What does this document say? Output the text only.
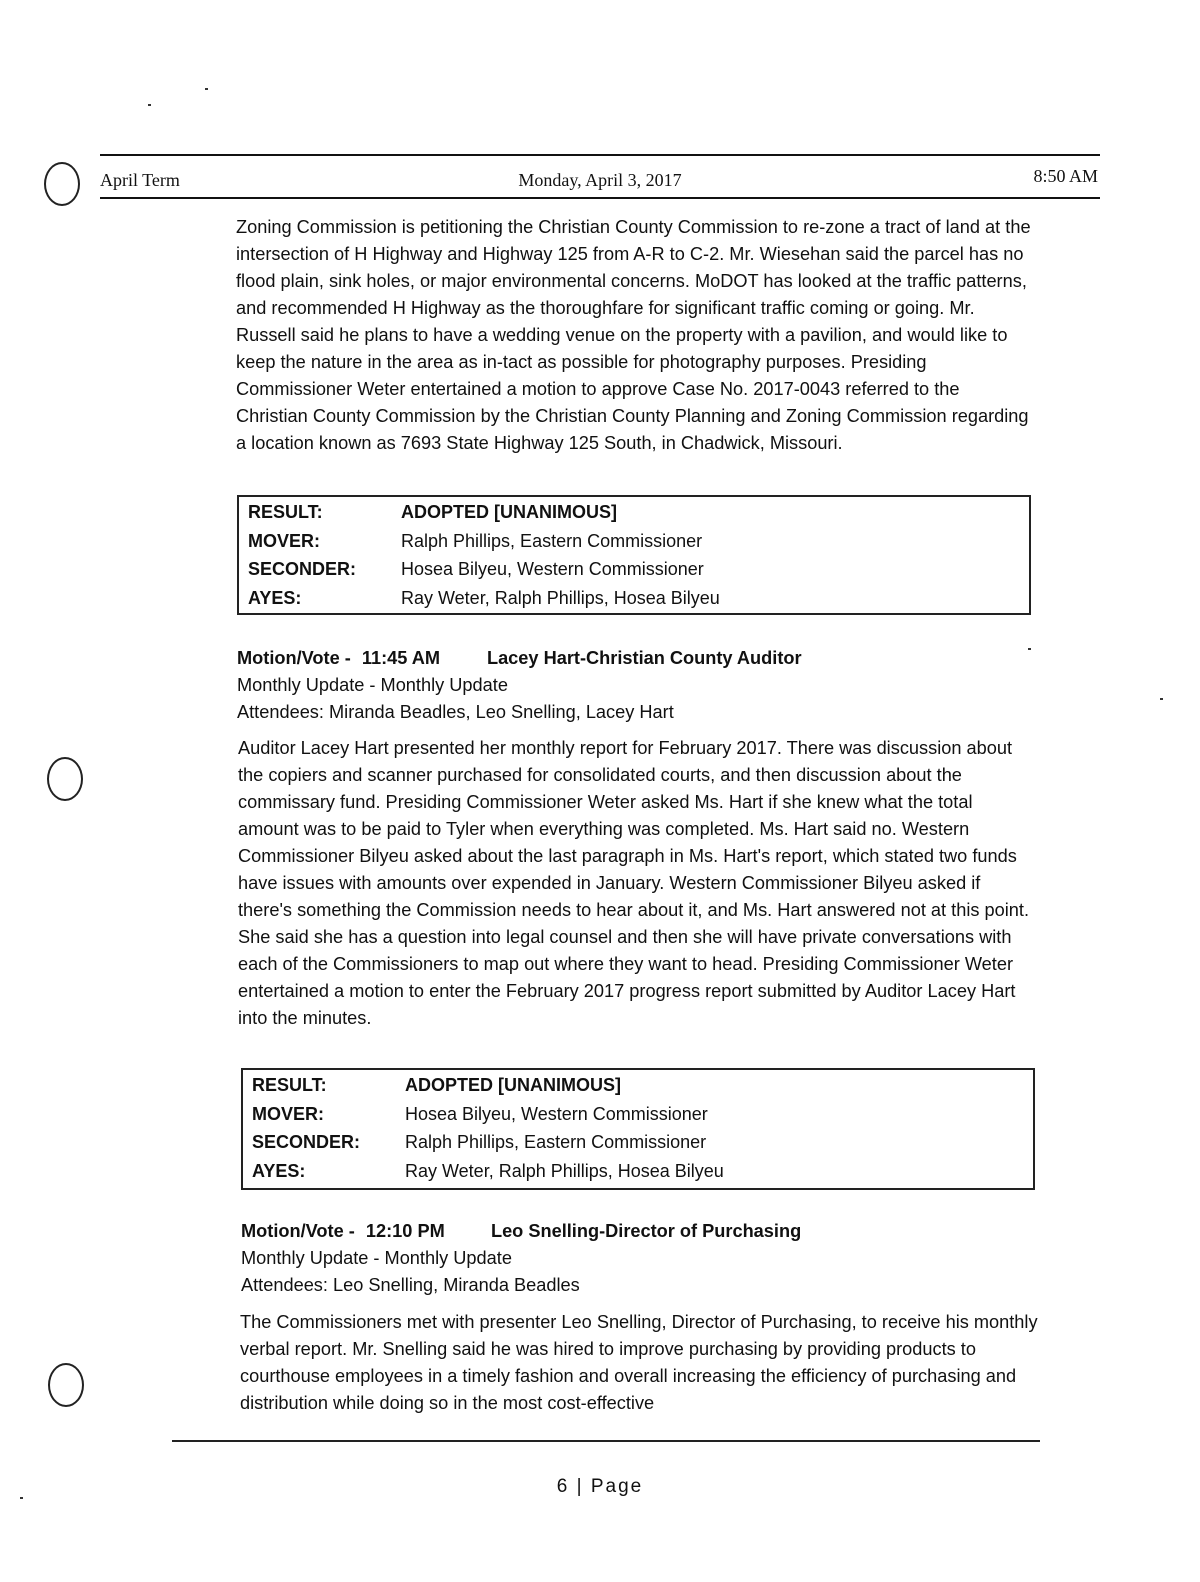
April Term	Monday, April 3, 2017	8:50 AM

Zoning Commission is petitioning the Christian County Commission to re-zone a tract of land at the intersection of H Highway and Highway 125 from A-R to C-2. Mr. Wiesehan said the parcel has no flood plain, sink holes, or major environmental concerns. MoDOT has looked at the traffic patterns, and recommended H Highway as the thoroughfare for significant traffic coming or going. Mr. Russell said he plans to have a wedding venue on the property with a pavilion, and would like to keep the nature in the area as in-tact as possible for photography purposes. Presiding Commissioner Weter entertained a motion to approve Case No. 2017-0043 referred to the Christian County Commission by the Christian County Planning and Zoning Commission regarding a location known as 7693 State Highway 125 South, in Chadwick, Missouri.

RESULT:	ADOPTED [UNANIMOUS]
MOVER:	Ralph Phillips, Eastern Commissioner
SECONDER:	Hosea Bilyeu, Western Commissioner
AYES:	Ray Weter, Ralph Phillips, Hosea Bilyeu
Motion/Vote - 11:45 AM	Lacey Hart-Christian County Auditor
Monthly Update - Monthly Update
Attendees: Miranda Beadles, Leo Snelling, Lacey Hart

Auditor Lacey Hart presented her monthly report for February 2017. There was discussion about the copiers and scanner purchased for consolidated courts, and then discussion about the commissary fund. Presiding Commissioner Weter asked Ms. Hart if she knew what the total amount was to be paid to Tyler when everything was completed. Ms. Hart said no. Western Commissioner Bilyeu asked about the last paragraph in Ms. Hart's report, which stated two funds have issues with amounts over expended in January. Western Commissioner Bilyeu asked if there's something the Commission needs to hear about it, and Ms. Hart answered not at this point. She said she has a question into legal counsel and then she will have private conversations with each of the Commissioners to map out where they want to head. Presiding Commissioner Weter entertained a motion to enter the February 2017 progress report submitted by Auditor Lacey Hart into the minutes.

RESULT:	ADOPTED [UNANIMOUS]
MOVER:	Hosea Bilyeu, Western Commissioner
SECONDER:	Ralph Phillips, Eastern Commissioner
AYES:	Ray Weter, Ralph Phillips, Hosea Bilyeu
Motion/Vote - 12:10 PM	Leo Snelling-Director of Purchasing
Monthly Update - Monthly Update
Attendees: Leo Snelling, Miranda Beadles

The Commissioners met with presenter Leo Snelling, Director of Purchasing, to receive his monthly verbal report. Mr. Snelling said he was hired to improve purchasing by providing products to courthouse employees in a timely fashion and overall increasing the efficiency of purchasing and distribution while doing so in the most cost-effective

6 | Page
